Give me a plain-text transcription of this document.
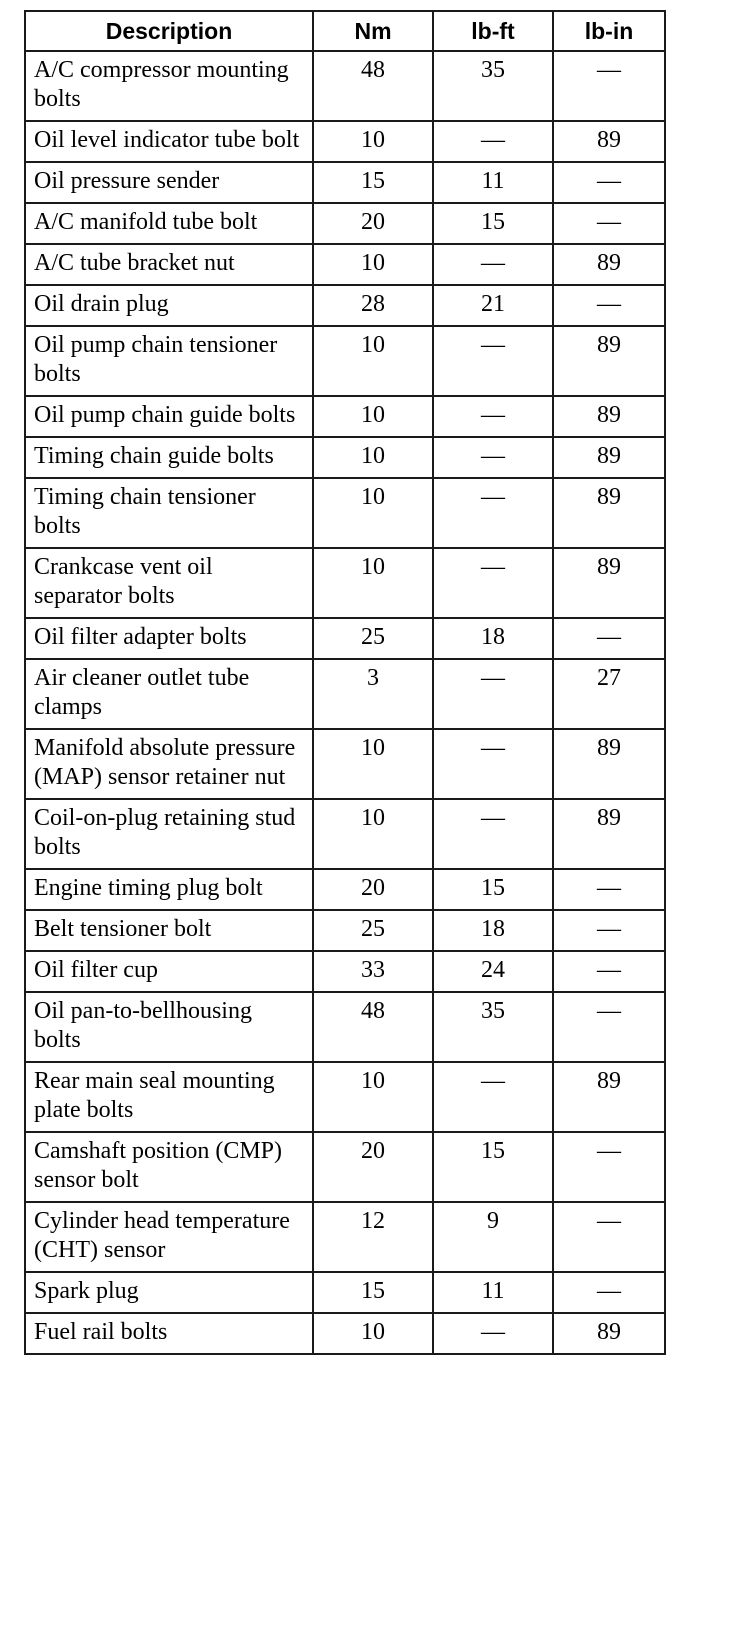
Description	Nm	lb-ft	lb-in
A/C compressor mounting bolts	48	35	—
Oil level indicator tube bolt	10	—	89
Oil pressure sender	15	11	—
A/C manifold tube bolt	20	15	—
A/C tube bracket nut	10	—	89
Oil drain plug	28	21	—
Oil pump chain tensioner bolts	10	—	89
Oil pump chain guide bolts	10	—	89
Timing chain guide bolts	10	—	89
Timing chain tensioner bolts	10	—	89
Crankcase vent oil separator bolts	10	—	89
Oil filter adapter bolts	25	18	—
Air cleaner outlet tube clamps	3	—	27
Manifold absolute pressure (MAP) sensor retainer nut	10	—	89
Coil-on-plug retaining stud bolts	10	—	89
Engine timing plug bolt	20	15	—
Belt tensioner bolt	25	18	—
Oil filter cup	33	24	—
Oil pan-to-bellhousing bolts	48	35	—
Rear main seal mounting plate bolts	10	—	89
Camshaft position (CMP) sensor bolt	20	15	—
Cylinder head temperature (CHT) sensor	12	9	—
Spark plug	15	11	—
Fuel rail bolts	10	—	89
